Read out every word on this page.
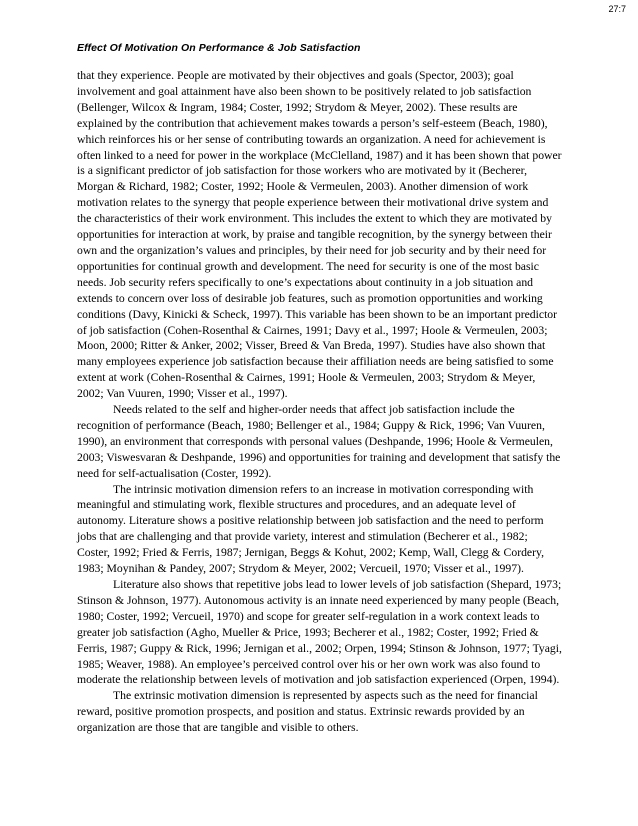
27:7
Effect Of Motivation On Performance & Job Satisfaction

that they experience. People are motivated by their objectives and goals (Spector, 2003); goal involvement and goal attainment have also been shown to be positively related to job satisfaction (Bellenger, Wilcox & Ingram, 1984; Coster, 1992; Strydom & Meyer, 2002). These results are explained by the contribution that achievement makes towards a person’s self-esteem (Beach, 1980), which reinforces his or her sense of contributing towards an organization. A need for achievement is often linked to a need for power in the workplace (McClelland, 1987) and it has been shown that power is a significant predictor of job satisfaction for those workers who are motivated by it (Becherer, Morgan & Richard, 1982; Coster, 1992; Hoole & Vermeulen, 2003). Another dimension of work motivation relates to the synergy that people experience between their motivational drive system and the characteristics of their work environment. This includes the extent to which they are motivated by opportunities for interaction at work, by praise and tangible recognition, by the synergy between their own and the organization’s values and principles, by their need for job security and by their need for opportunities for continual growth and development. The need for security is one of the most basic needs. Job security refers specifically to one’s expectations about continuity in a job situation and extends to concern over loss of desirable job features, such as promotion opportunities and working conditions (Davy, Kinicki & Scheck, 1997). This variable has been shown to be an important predictor of job satisfaction (Cohen-Rosenthal & Cairnes, 1991; Davy et al., 1997; Hoole & Vermeulen, 2003; Moon, 2000; Ritter & Anker, 2002; Visser, Breed & Van Breda, 1997). Studies have also shown that many employees experience job satisfaction because their affiliation needs are being satisfied to some extent at work (Cohen-Rosenthal & Cairnes, 1991; Hoole & Vermeulen, 2003; Strydom & Meyer, 2002; Van Vuuren, 1990; Visser et al., 1997).

Needs related to the self and higher-order needs that affect job satisfaction include the recognition of performance (Beach, 1980; Bellenger et al., 1984; Guppy & Rick, 1996; Van Vuuren, 1990), an environment that corresponds with personal values (Deshpande, 1996; Hoole & Vermeulen, 2003; Viswesvaran & Deshpande, 1996) and opportunities for training and development that satisfy the need for self-actualisation (Coster, 1992).

The intrinsic motivation dimension refers to an increase in motivation corresponding with meaningful and stimulating work, flexible structures and procedures, and an adequate level of autonomy. Literature shows a positive relationship between job satisfaction and the need to perform jobs that are challenging and that provide variety, interest and stimulation (Becherer et al., 1982; Coster, 1992; Fried & Ferris, 1987; Jernigan, Beggs & Kohut, 2002; Kemp, Wall, Clegg & Cordery, 1983; Moynihan & Pandey, 2007; Strydom & Meyer, 2002; Vercueil, 1970; Visser et al., 1997).

Literature also shows that repetitive jobs lead to lower levels of job satisfaction (Shepard, 1973; Stinson & Johnson, 1977). Autonomous activity is an innate need experienced by many people (Beach, 1980; Coster, 1992; Vercueil, 1970) and scope for greater self-regulation in a work context leads to greater job satisfaction (Agho, Mueller & Price, 1993; Becherer et al., 1982; Coster, 1992; Fried & Ferris, 1987; Guppy & Rick, 1996; Jernigan et al., 2002; Orpen, 1994; Stinson & Johnson, 1977; Tyagi, 1985; Weaver, 1988). An employee’s perceived control over his or her own work was also found to moderate the relationship between levels of motivation and job satisfaction experienced (Orpen, 1994).

The extrinsic motivation dimension is represented by aspects such as the need for financial reward, positive promotion prospects, and position and status. Extrinsic rewards provided by an organization are those that are tangible and visible to others.
